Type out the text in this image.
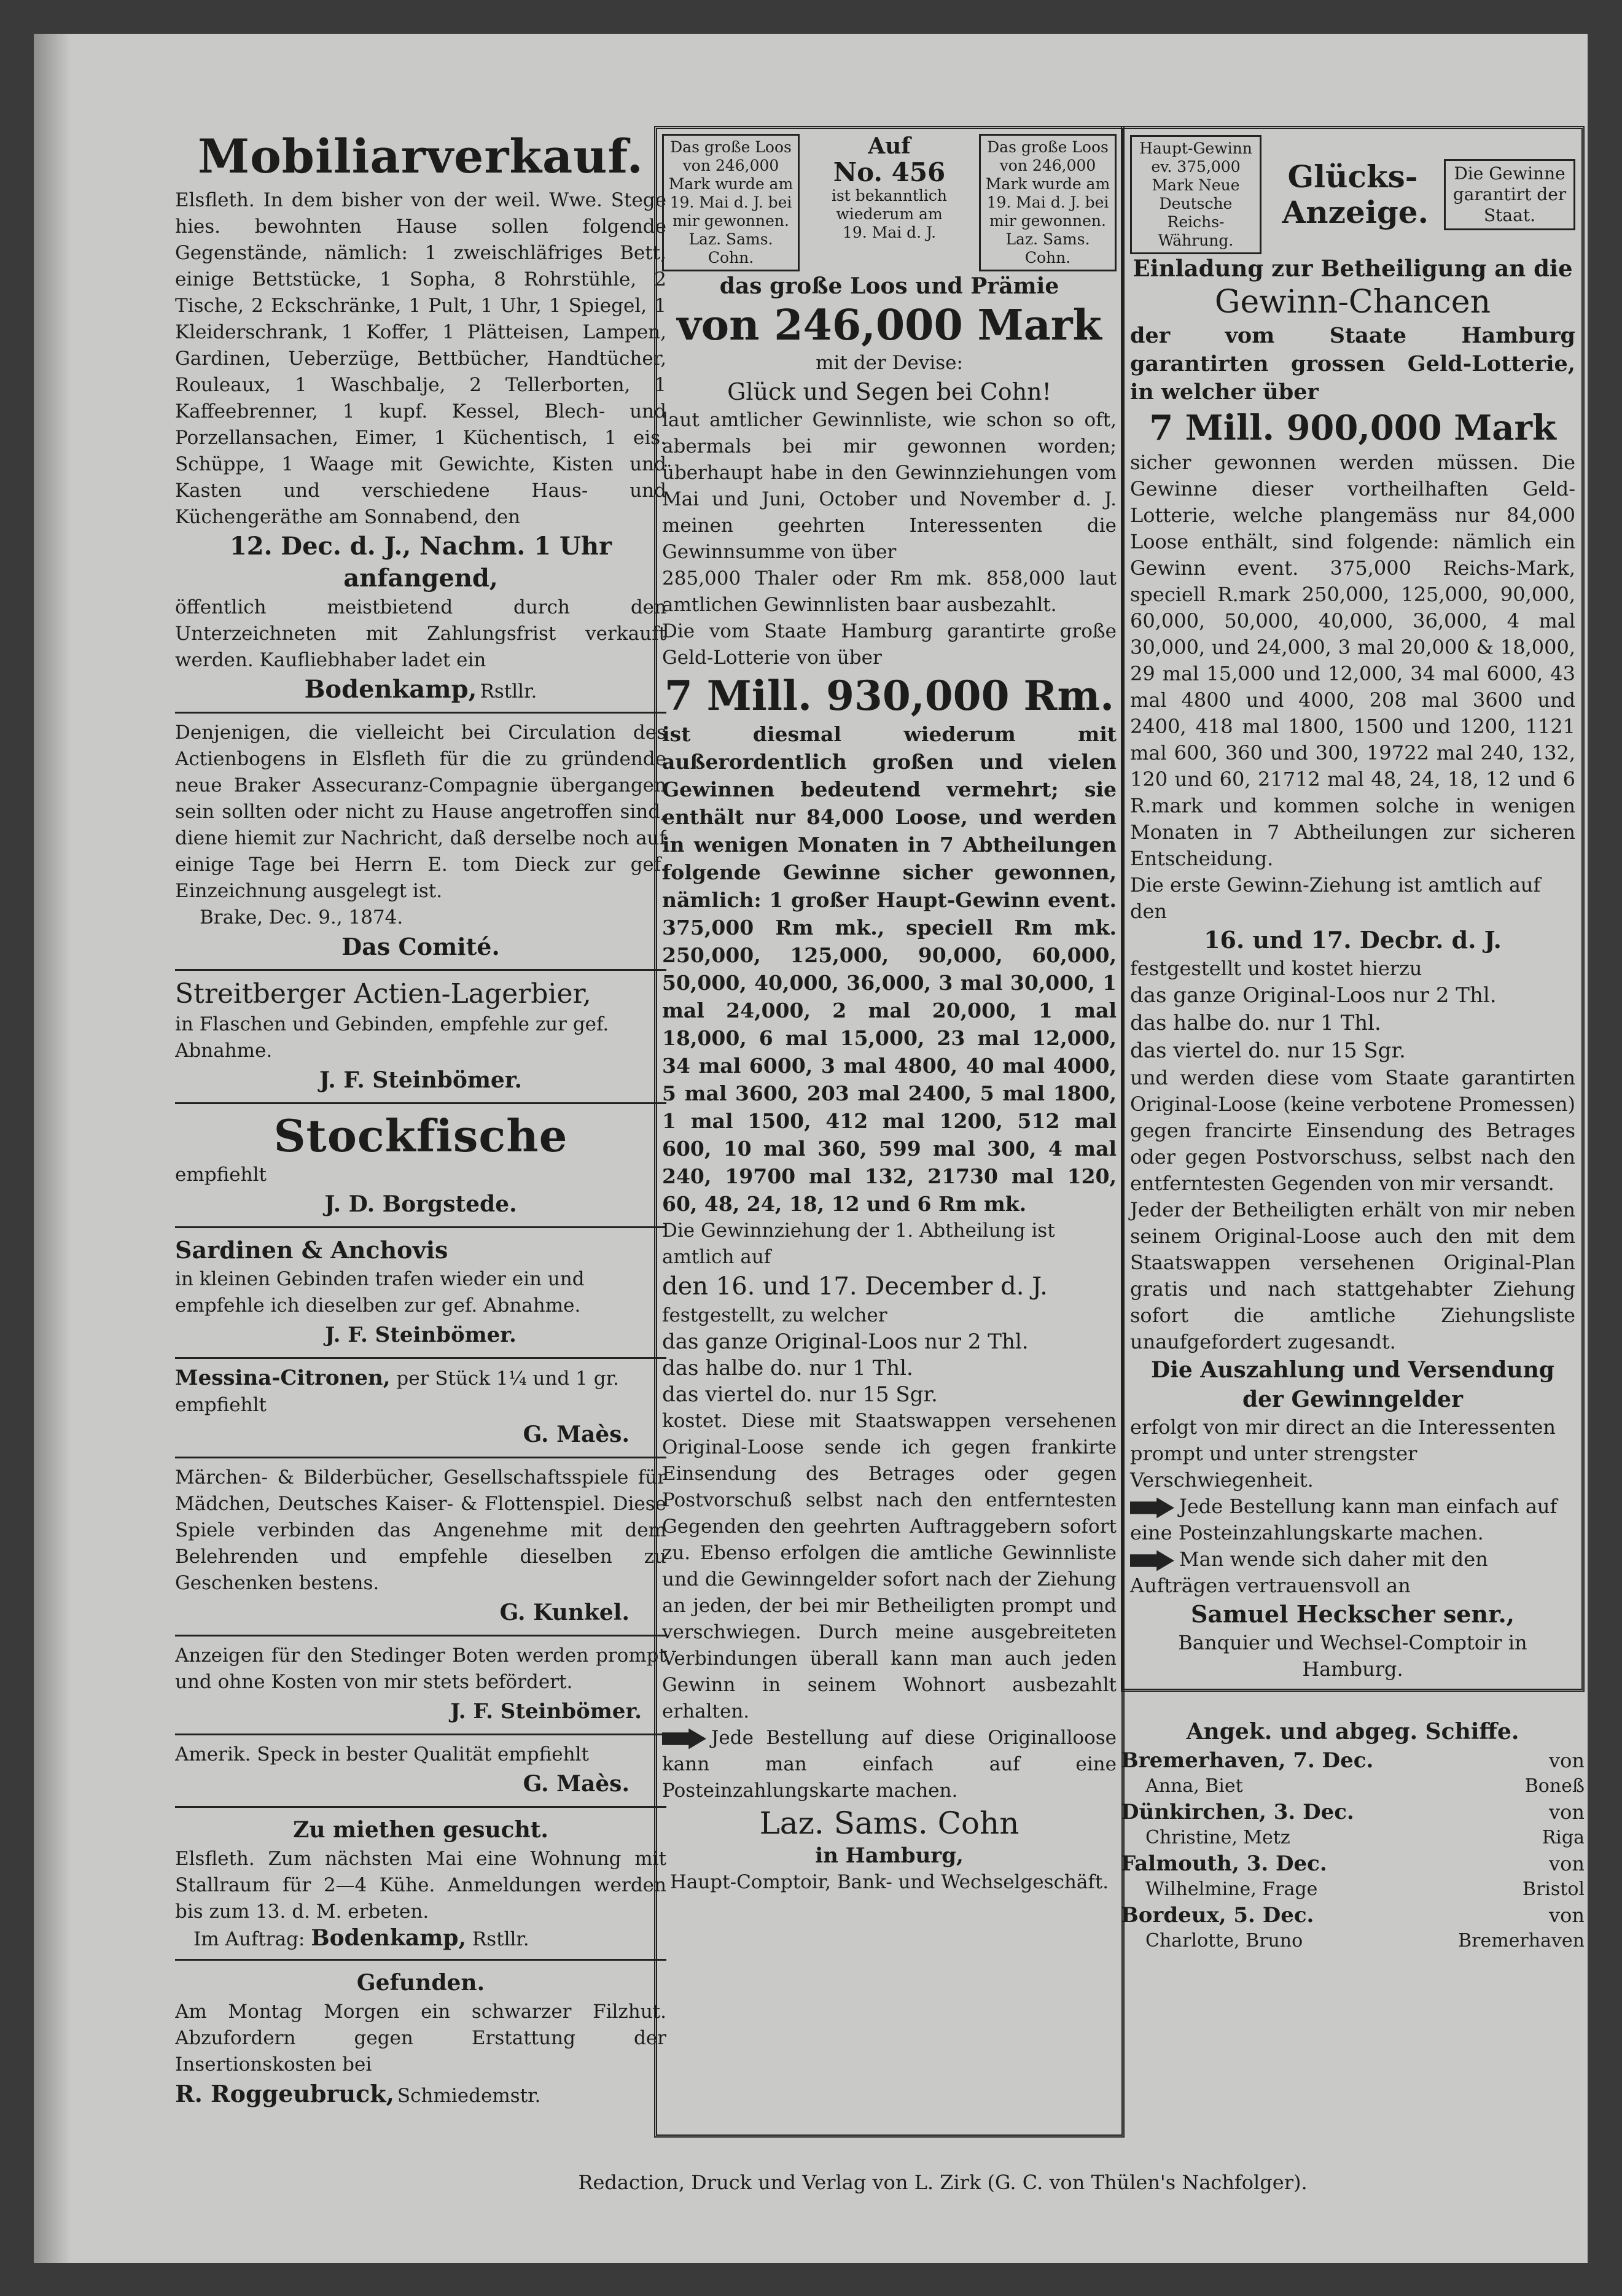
Mobiliarverkauf.

Elsfleth. In dem bisher von der weil. Wwe. Stege hies. bewohnten Hause sollen folgende Gegenstände, nämlich: 1 zweischläfriges Bett, einige Bettstücke, 1 Sopha, 8 Rohrstühle, 2 Tische, 2 Eckschränke, 1 Pult, 1 Uhr, 1 Spiegel, 1 Kleiderschrank, 1 Koffer, 1 Plätteisen, Lampen, Gardinen, Ueberzüge, Bettbücher, Handtücher, Rouleaux, 1 Waschbalje, 2 Tellerborten, 1 Kaffeebrenner, 1 kupf. Kessel, Blech- und Porzellansachen, Eimer, 1 Küchentisch, 1 eis. Schüppe, 1 Waage mit Gewichte, Kisten und Kasten und verschiedene Haus- und Küchengeräthe am Sonnabend, den

12. Dec. d. J., Nachm. 1 Uhr anfangend,

öffentlich meistbietend durch den Unterzeichneten mit Zahlungsfrist verkauft werden. Kaufliebhaber ladet ein

Bodenkamp, Rstllr.

Denjenigen, die vielleicht bei Circulation des Actienbogens in Elsfleth für die zu gründende neue Braker Assecuranz-Compagnie übergangen sein sollten oder nicht zu Hause angetroffen sind, diene hiemit zur Nachricht, daß derselbe noch auf einige Tage bei Herrn E. tom Dieck zur gef. Einzeichnung ausgelegt ist.

Brake, Dec. 9., 1874.

Das Comité.

Streitberger Actien-Lagerbier,

in Flaschen und Gebinden, empfehle zur gef. Abnahme.

J. F. Steinbömer.

Stockfische

empfiehlt

J. D. Borgstede.

Sardinen & Anchovis

in kleinen Gebinden trafen wieder ein und empfehle ich dieselben zur gef. Abnahme.

J. F. Steinbömer.

Messina-Citronen, per Stück 1¼ und 1 gr. empfiehlt

G. Maès.

Märchen- & Bilderbücher, Gesellschaftsspiele für Mädchen, Deutsches Kaiser- & Flottenspiel. Diese Spiele verbinden das Angenehme mit dem Belehrenden und empfehle dieselben zu Geschenken bestens.

G. Kunkel.

Anzeigen für den Stedinger Boten werden prompt und ohne Kosten von mir stets befördert.

J. F. Steinbömer.

Amerik. Speck in bester Qualität empfiehlt

G. Maès.

Zu miethen gesucht.

Elsfleth. Zum nächsten Mai eine Wohnung mit Stallraum für 2—4 Kühe. Anmeldungen werden bis zum 13. d. M. erbeten.

Im Auftrag: Bodenkamp, Rstllr.

Gefunden.

Am Montag Morgen ein schwarzer Filzhut. Abzufordern gegen Erstattung der Insertionskosten bei

R. Roggeubruck, Schmiedemstr.

Das große Loos von 246,000 Mark wurde am 19. Mai d. J. bei mir gewonnen. Laz. Sams. Cohn.

Auf

No. 456

ist bekanntlich wiederum am 19. Mai d. J.

Das große Loos von 246,000 Mark wurde am 19. Mai d. J. bei mir gewonnen. Laz. Sams. Cohn.

das große Loos und Prämie

von 246,000 Mark

mit der Devise:

Glück und Segen bei Cohn!

laut amtlicher Gewinnliste, wie schon so oft, abermals bei mir gewonnen worden; überhaupt habe in den Gewinnziehungen vom Mai und Juni, October und November d. J. meinen geehrten Interessenten die Gewinnsumme von über

285,000 Thaler oder Rm mk. 858,000 laut amtlichen Gewinnlisten baar ausbezahlt.

Die vom Staate Hamburg garantirte große Geld-Lotterie von über

7 Mill. 930,000 Rm.

ist diesmal wiederum mit außerordentlich großen und vielen Gewinnen bedeutend vermehrt; sie enthält nur 84,000 Loose, und werden in wenigen Monaten in 7 Abtheilungen folgende Gewinne sicher gewonnen, nämlich: 1 großer Haupt-Gewinn event. 375,000 Rm mk., speciell Rm mk. 250,000, 125,000, 90,000, 60,000, 50,000, 40,000, 36,000, 3 mal 30,000, 1 mal 24,000, 2 mal 20,000, 1 mal 18,000, 6 mal 15,000, 23 mal 12,000, 34 mal 6000, 3 mal 4800, 40 mal 4000, 5 mal 3600, 203 mal 2400, 5 mal 1800, 1 mal 1500, 412 mal 1200, 512 mal 600, 10 mal 360, 599 mal 300, 4 mal 240, 19700 mal 132, 21730 mal 120, 60, 48, 24, 18, 12 und 6 Rm mk.

Die Gewinnziehung der 1. Abtheilung ist amtlich auf

den 16. und 17. December d. J.

festgestellt, zu welcher

das ganze Original-Loos nur 2 Thl.

das halbe do. nur 1 Thl.

das viertel do. nur 15 Sgr.

kostet. Diese mit Staatswappen versehenen Original-Loose sende ich gegen frankirte Einsendung des Betrages oder gegen Postvorschuß selbst nach den entferntesten Gegenden den geehrten Auftraggebern sofort zu. Ebenso erfolgen die amtliche Gewinnliste und die Gewinngelder sofort nach der Ziehung an jeden, der bei mir Betheiligten prompt und verschwiegen. Durch meine ausgebreiteten Verbindungen überall kann man auch jeden Gewinn in seinem Wohnort ausbezahlt erhalten.

Jede Bestellung auf diese Originalloose kann man einfach auf eine Posteinzahlungskarte machen.

Laz. Sams. Cohn

in Hamburg,

Haupt-Comptoir, Bank- und Wechselgeschäft.

Haupt-Gewinn ev. 375,000 Mark Neue Deutsche Reichs-Währung.
Glücks-Anzeige.
Die Gewinne garantirt der Staat.

Einladung zur Betheiligung an die

Gewinn-Chancen

der vom Staate Hamburg garantirten grossen Geld-Lotterie, in welcher über

7 Mill. 900,000 Mark

sicher gewonnen werden müssen. Die Gewinne dieser vortheilhaften Geld-Lotterie, welche plangemäss nur 84,000 Loose enthält, sind folgende: nämlich ein Gewinn event. 375,000 Reichs-Mark, speciell R.mark 250,000, 125,000, 90,000, 60,000, 50,000, 40,000, 36,000, 4 mal 30,000, und 24,000, 3 mal 20,000 & 18,000, 29 mal 15,000 und 12,000, 34 mal 6000, 43 mal 4800 und 4000, 208 mal 3600 und 2400, 418 mal 1800, 1500 und 1200, 1121 mal 600, 360 und 300, 19722 mal 240, 132, 120 und 60, 21712 mal 48, 24, 18, 12 und 6 R.mark und kommen solche in wenigen Monaten in 7 Abtheilungen zur sicheren Entscheidung.

Die erste Gewinn-Ziehung ist amtlich auf den

16. und 17. Decbr. d. J.

festgestellt und kostet hierzu

das ganze Original-Loos nur 2 Thl.

das halbe do. nur 1 Thl.

das viertel do. nur 15 Sgr.

und werden diese vom Staate garantirten Original-Loose (keine verbotene Promessen) gegen francirte Einsendung des Betrages oder gegen Postvorschuss, selbst nach den entferntesten Gegenden von mir versandt.

Jeder der Betheiligten erhält von mir neben seinem Original-Loose auch den mit dem Staatswappen versehenen Original-Plan gratis und nach stattgehabter Ziehung sofort die amtliche Ziehungsliste unaufgefordert zugesandt.

Die Auszahlung und Versendung der Gewinngelder

erfolgt von mir direct an die Interessenten prompt und unter strengster Verschwiegenheit.

Jede Bestellung kann man einfach auf eine Posteinzahlungskarte machen.

Man wende sich daher mit den Aufträgen vertrauensvoll an

Samuel Heckscher senr.,

Banquier und Wechsel-Comptoir in Hamburg.

Angek. und abgeg. Schiffe.

Bremerhaven, 7. Dec.	von
Anna, Biet	Boneß
Dünkirchen, 3. Dec.	von
Christine, Metz	Riga
Falmouth, 3. Dec.	von
Wilhelmine, Frage	Bristol
Bordeux, 5. Dec.	von
Charlotte, Bruno	Bremerhaven
Redaction, Druck und Verlag von L. Zirk (G. C. von Thülen's Nachfolger).
